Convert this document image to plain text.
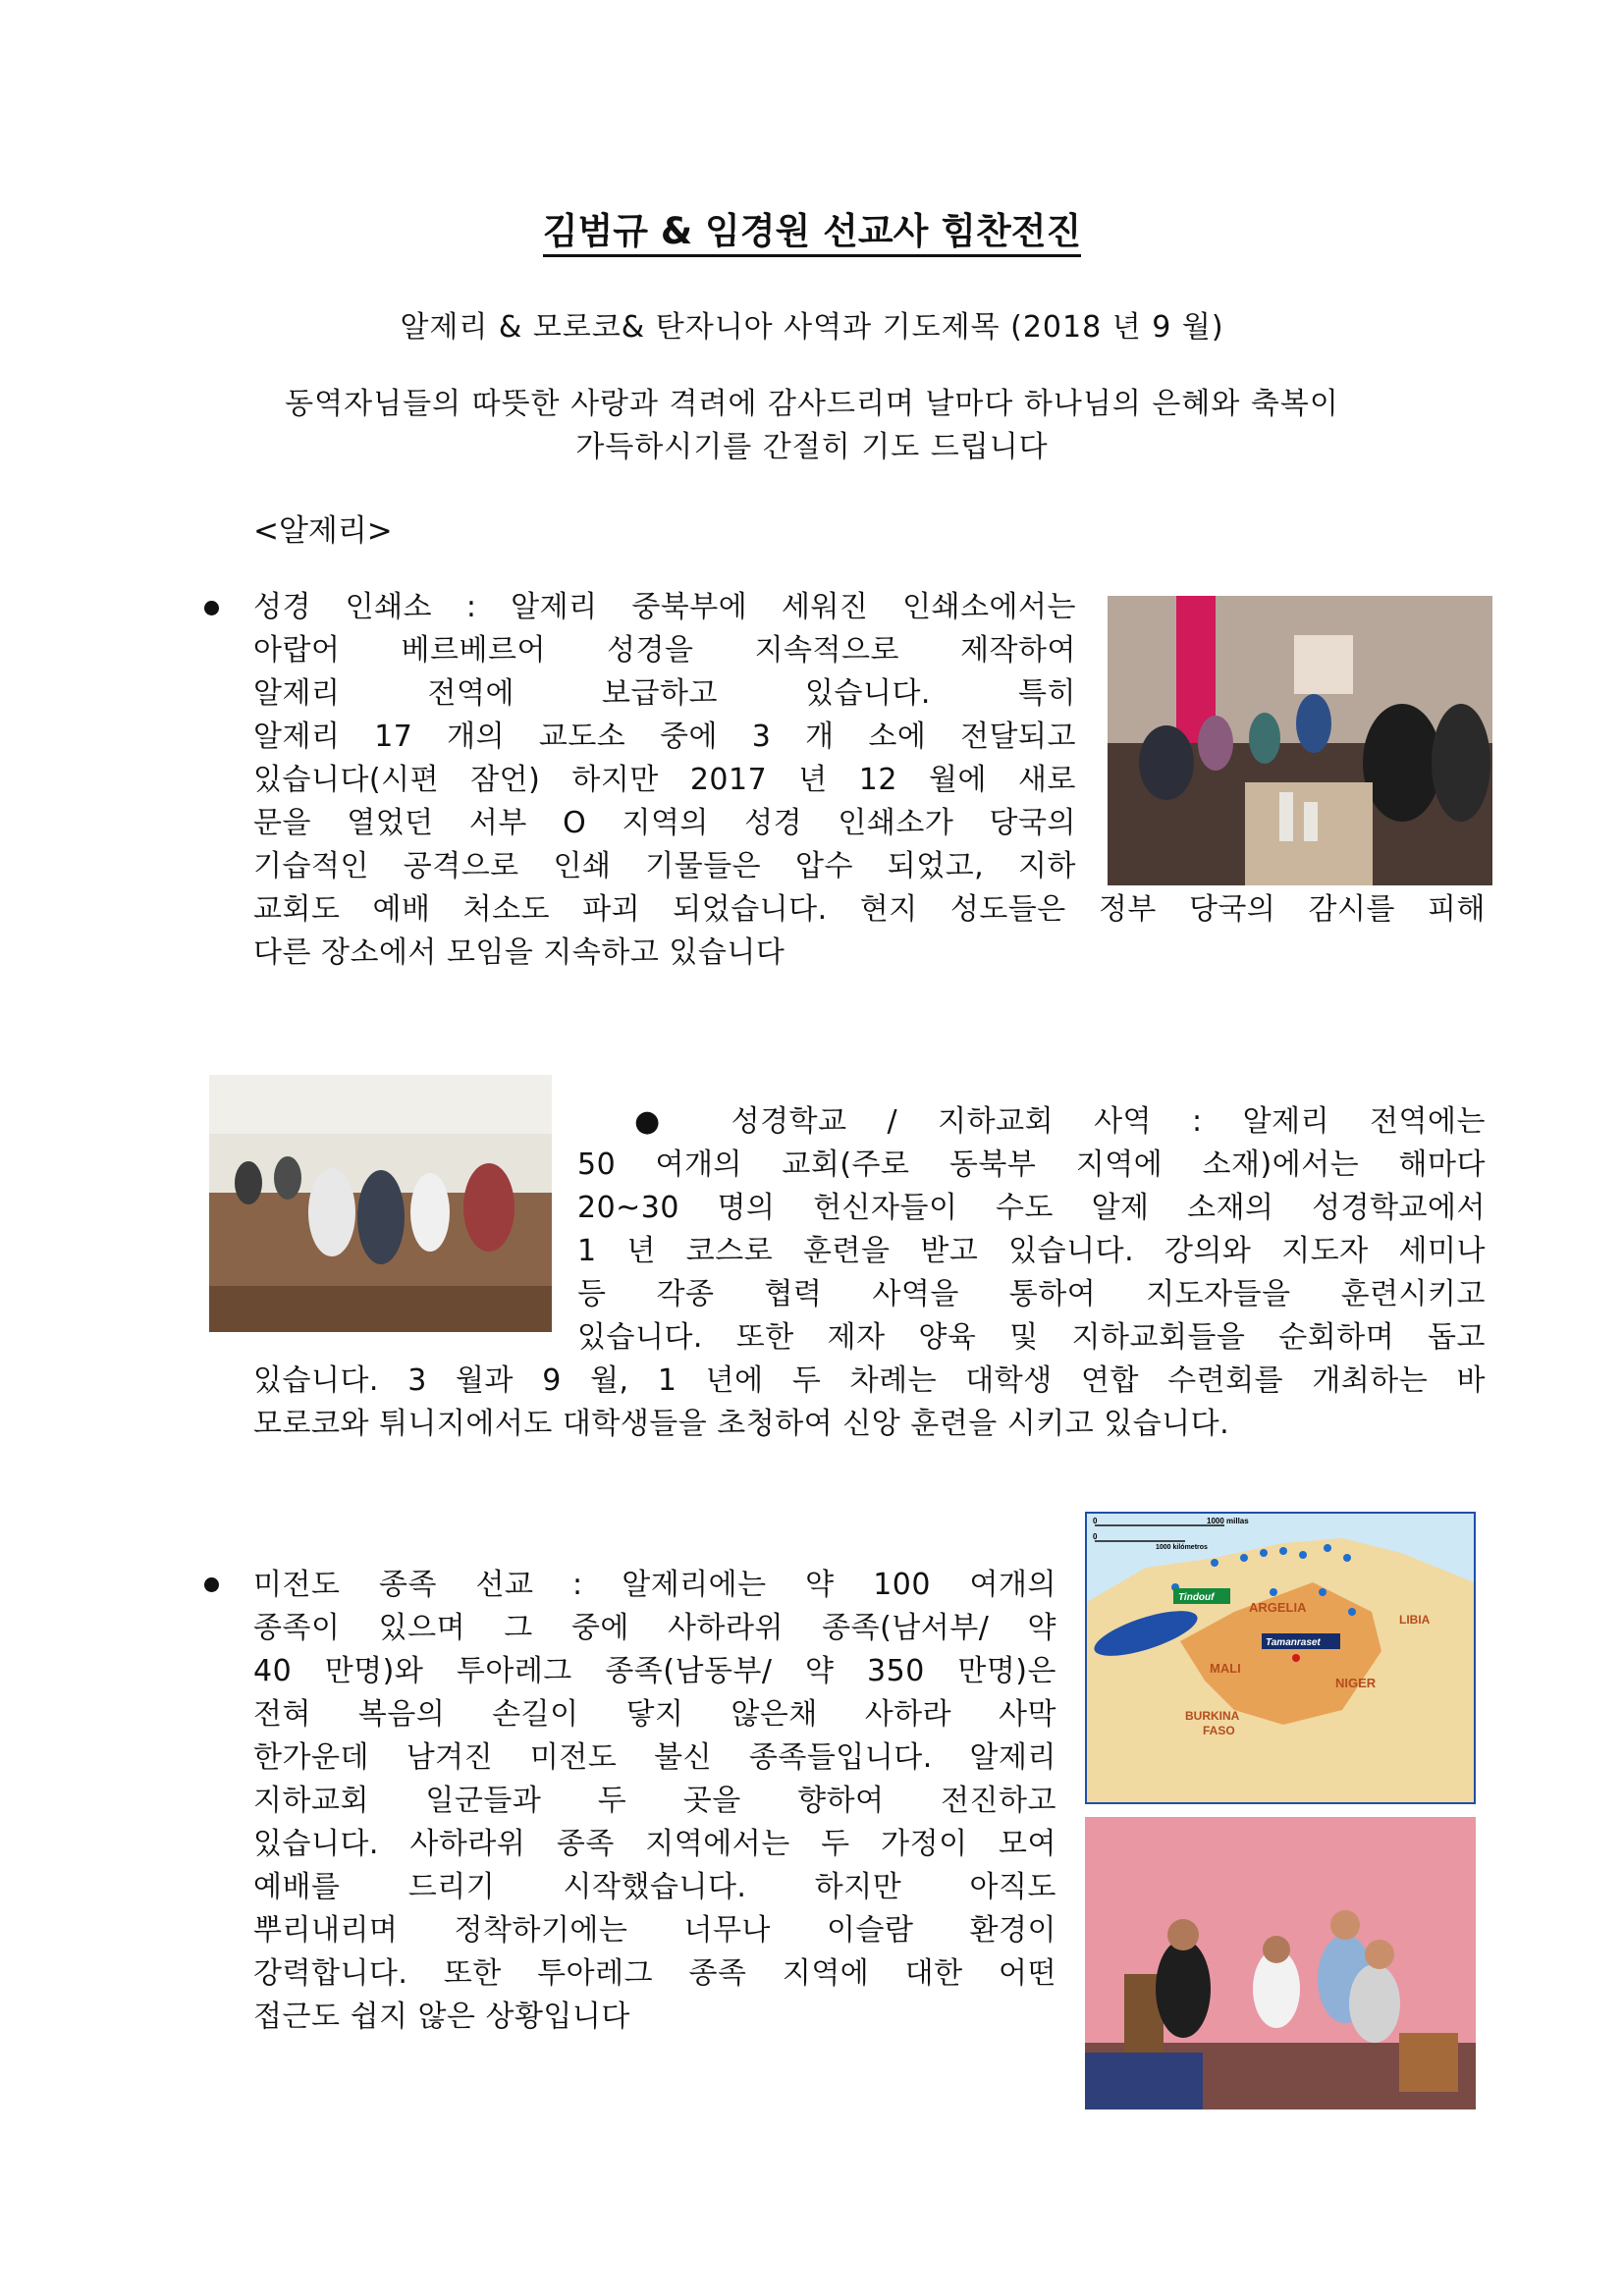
김범규 & 임경원 선교사 힘찬전진
알제리 & 모로코& 탄자니아 사역과 기도제목 (2018 년 9 월)
동역자님들의 따뜻한 사랑과 격려에 감사드리며 날마다 하나님의 은혜와 축복이
가득하시기를 간절히 기도 드립니다
<알제리>
성경 인쇄소 : 알제리 중북부에 세워진 인쇄소에서는
아랍어 베르베르어 성경을 지속적으로 제작하여
알제리 전역에 보급하고 있습니다. 특히
알제리 17 개의 교도소 중에 3 개 소에 전달되고
있습니다(시편 잠언) 하지만 2017 년 12 월에 새로
문을 열었던 서부 O 지역의 성경 인쇄소가 당국의
기습적인 공격으로 인쇄 기물들은 압수 되었고, 지하
교회도 예배 처소도 파괴 되었습니다. 현지 성도들은 정부 당국의 감시를 피해
다른 장소에서 모임을 지속하고 있습니다
● 성경학교 / 지하교회 사역 : 알제리 전역에는
50 여개의 교회(주로 동북부 지역에 소재)에서는 해마다
20~30 명의 헌신자들이 수도 알제 소재의 성경학교에서
1 년 코스로 훈련을 받고 있습니다. 강의와 지도자 세미나
등 각종 협력 사역을 통하여 지도자들을 훈련시키고
있습니다. 또한 제자 양육 및 지하교회들을 순회하며 돕고
있습니다. 3 월과 9 월, 1 년에 두 차례는 대학생 연합 수련회를 개최하는 바
모로코와 튀니지에서도 대학생들을 초청하여 신앙 훈련을 시키고 있습니다.
미전도 종족 선교 : 알제리에는 약 100 여개의
종족이 있으며 그 중에 사하라위 종족(남서부/ 약
40 만명)와 투아레그 종족(남동부/ 약 350 만명)은
전혀 복음의 손길이 닿지 않은채 사하라 사막
한가운데 남겨진 미전도 불신 종족들입니다. 알제리
지하교회 일군들과 두 곳을 향하여 전진하고
있습니다. 사하라위 종족 지역에서는 두 가정이 모여
예배를 드리기 시작했습니다. 하지만 아직도
뿌리내리며 정착하기에는 너무나 이슬람 환경이
강력합니다. 또한 투아레그 종족 지역에 대한 어떤
접근도 쉽지 않은 상황입니다
0
0
1000 millas
1000 kilómetros
Tindouf
ARGELIA
LIBIA
Tamanraset
MALI
NIGER
BURKINA
FASO
